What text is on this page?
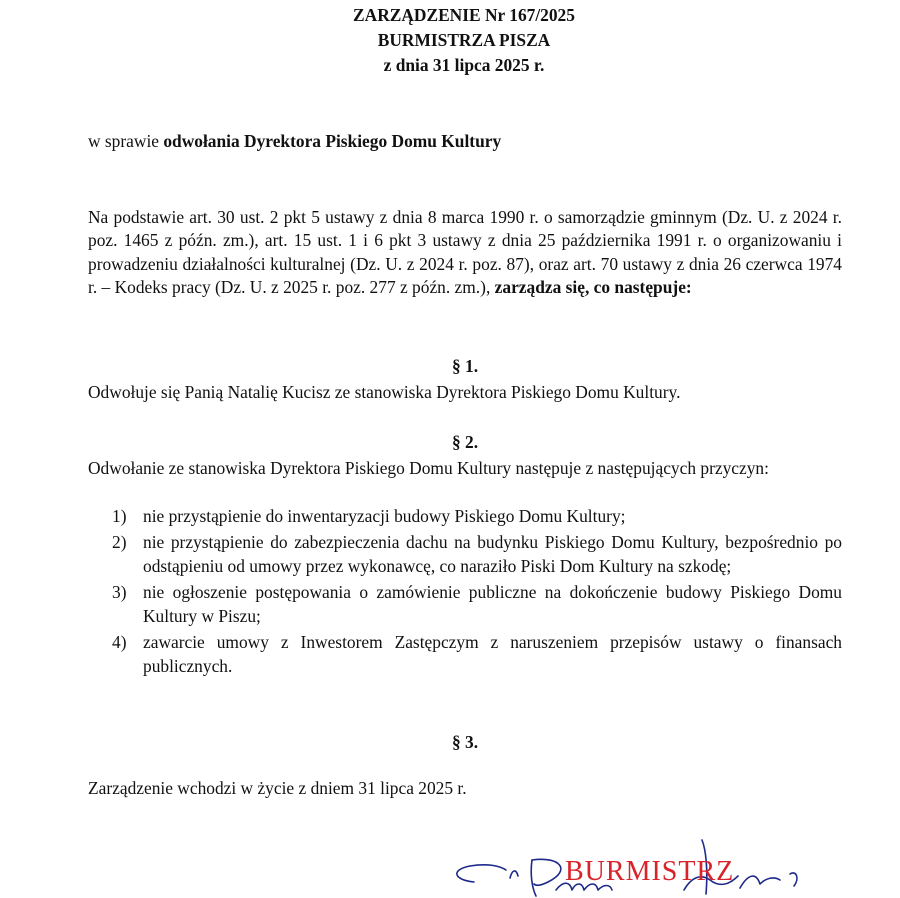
ZARZĄDZENIE Nr 167/2025
BURMISTRZA PISZA
z dnia 31 lipca 2025 r.
w sprawie odwołania Dyrektora Piskiego Domu Kultury
Na podstawie art. 30 ust. 2 pkt 5 ustawy z dnia 8 marca 1990 r. o samorządzie gminnym (Dz. U. z 2024 r. poz. 1465 z późn. zm.), art. 15 ust. 1 i 6 pkt 3 ustawy z dnia 25 października 1991 r. o organizowaniu i prowadzeniu działalności kulturalnej (Dz. U. z 2024 r. poz. 87), oraz art. 70 ustawy z dnia 26 czerwca 1974 r. – Kodeks pracy (Dz. U. z 2025 r. poz. 277 z późn. zm.), zarządza się, co następuje:
§ 1.
Odwołuje się Panią Natalię Kucisz ze stanowiska Dyrektora Piskiego Domu Kultury.
§ 2.
Odwołanie ze stanowiska Dyrektora Piskiego Domu Kultury następuje z następujących przyczyn:
1) nie przystąpienie do inwentaryzacji budowy Piskiego Domu Kultury;
2) nie przystąpienie do zabezpieczenia dachu na budynku Piskiego Domu Kultury, bezpośrednio po odstąpieniu od umowy przez wykonawcę, co naraziło Piski Dom Kultury na szkodę;
3) nie ogłoszenie postępowania o zamówienie publiczne na dokończenie budowy Piskiego Domu Kultury w Piszu;
4) zawarcie umowy z Inwestorem Zastępczym z naruszeniem przepisów ustawy o finansach publicznych.
§ 3.
Zarządzenie wchodzi w życie z dniem 31 lipca 2025 r.
BURMISTRZ
